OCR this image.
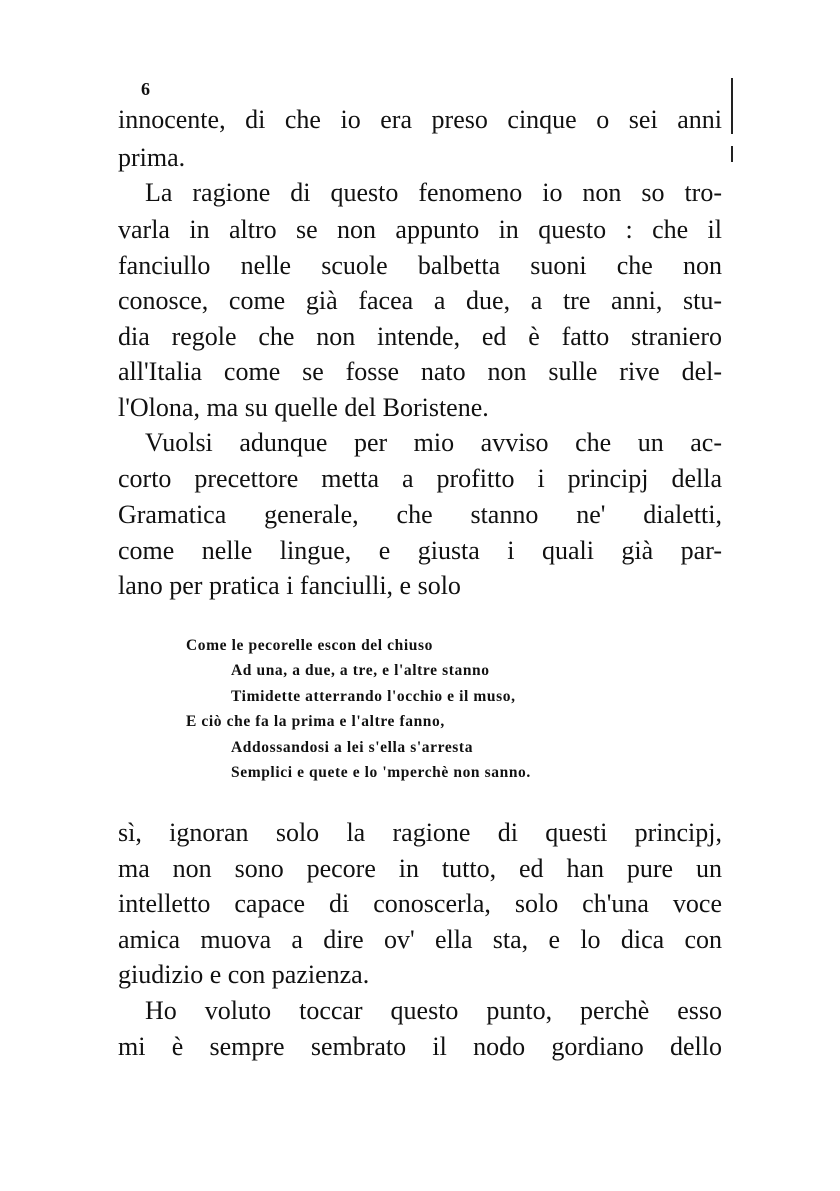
6
innocente, di che io era preso cinque o sei anni
prima.
La ragione di questo fenomeno io non so tro-
varla in altro se non appunto in questo : che il
fanciullo nelle scuole balbetta suoni che non
conosce, come già facea a due, a tre anni, stu-
dia regole che non intende, ed è fatto straniero
all'Italia come se fosse nato non sulle rive del-
l'Olona, ma su quelle del Boristene.
Vuolsi adunque per mio avviso che un ac-
corto precettore metta a profitto i principj della
Gramatica generale, che stanno ne' dialetti,
come nelle lingue, e giusta i quali già par-
lano per pratica i fanciulli, e solo
Come le pecorelle escon del chiuso
Ad una, a due, a tre, e l'altre stanno
Timidette atterrando l'occhio e il muso,
E ciò che fa la prima e l'altre fanno,
Addossandosi a lei s'ella s'arresta
Semplici e quete e lo 'mperchè non sanno.
sì, ignoran solo la ragione di questi principj,
ma non sono pecore in tutto, ed han pure un
intelletto capace di conoscerla, solo ch'una voce
amica muova a dire ov' ella sta, e lo dica con
giudizio e con pazienza.
Ho voluto toccar questo punto, perchè esso
mi è sempre sembrato il nodo gordiano dello
